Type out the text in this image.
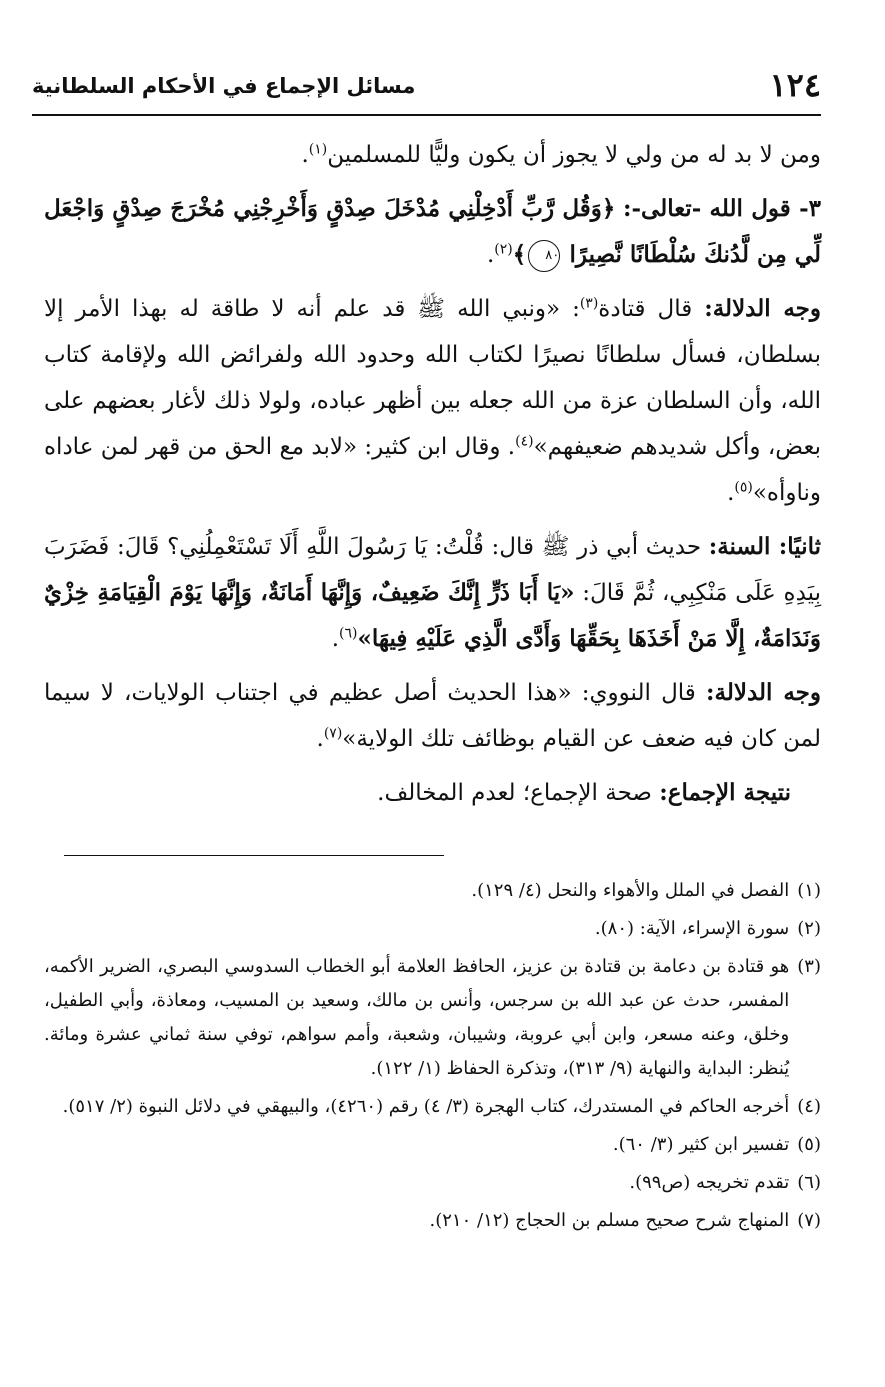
١٢٤
مسائل الإجماع في الأحكام السلطانية

ومن لا بد له من ولي لا يجوز أن يكون وليًّا للمسلمين$^{(١)}$.

٣- قول الله -تعالى-: ﴿وَقُل رَّبِّ أَدْخِلْنِي مُدْخَلَ صِدْقٍ وَأَخْرِجْنِي مُخْرَجَ صِدْقٍ وَاجْعَل لِّي مِن لَّدُنكَ سُلْطَانًا نَّصِيرًا ٨٠﴾$^{(٢)}$.

وجه الدلالة: قال قتادة$^{(٣)}$: «ونبي الله ﷺ قد علم أنه لا طاقة له بهذا الأمر إلا بسلطان، فسأل سلطانًا نصيرًا لكتاب الله وحدود الله ولفرائض الله ولإقامة كتاب الله، وأن السلطان عزة من الله جعله بين أظهر عباده، ولولا ذلك لأغار بعضهم على بعض، وأكل شديدهم ضعيفهم»$^{(٤)}$. وقال ابن كثير: «لابد مع الحق من قهر لمن عاداه وناوأه»$^{(٥)}$.

ثانيًا: السنة: حديث أبي ذر ﷺ قال: قُلْتُ: يَا رَسُولَ اللَّهِ أَلَا تَسْتَعْمِلُنِي؟ قَالَ: فَضَرَبَ بِيَدِهِ عَلَى مَنْكِبِي، ثُمَّ قَالَ: «يَا أَبَا ذَرٍّ إِنَّكَ ضَعِيفٌ، وَإِنَّهَا أَمَانَةٌ، وَإِنَّهَا يَوْمَ الْقِيَامَةِ خِزْيٌ وَنَدَامَةٌ، إِلَّا مَنْ أَخَذَهَا بِحَقِّهَا وَأَدَّى الَّذِي عَلَيْهِ فِيهَا»$^{(٦)}$.

وجه الدلالة: قال النووي: «هذا الحديث أصل عظيم في اجتناب الولايات، لا سيما لمن كان فيه ضعف عن القيام بوظائف تلك الولاية»$^{(٧)}$.

نتيجة الإجماع: صحة الإجماع؛ لعدم المخالف.

(١)
الفصل في الملل والأهواء والنحل (٤/ ١٢٩).
(٢)
سورة الإسراء، الآية: (٨٠).
(٣)
هو قتادة بن دعامة بن قتادة بن عزيز، الحافظ العلامة أبو الخطاب السدوسي البصري، الضرير الأكمه، المفسر، حدث عن عبد الله بن سرجس، وأنس بن مالك، وسعيد بن المسيب، ومعاذة، وأبي الطفيل، وخلق، وعنه مسعر، وابن أبي عروبة، وشيبان، وشعبة، وأمم سواهم، توفي سنة ثماني عشرة ومائة. يُنظر: البداية والنهاية (٩/ ٣١٣)، وتذكرة الحفاظ (١/ ١٢٢).
(٤)
أخرجه الحاكم في المستدرك، كتاب الهجرة (٣/ ٤) رقم (٤٢٦٠)، والبيهقي في دلائل النبوة (٢/ ٥١٧).
(٥)
تفسير ابن كثير (٣/ ٦٠).
(٦)
تقدم تخريجه (ص٩٩).
(٧)
المنهاج شرح صحيح مسلم بن الحجاج (١٢/ ٢١٠).
